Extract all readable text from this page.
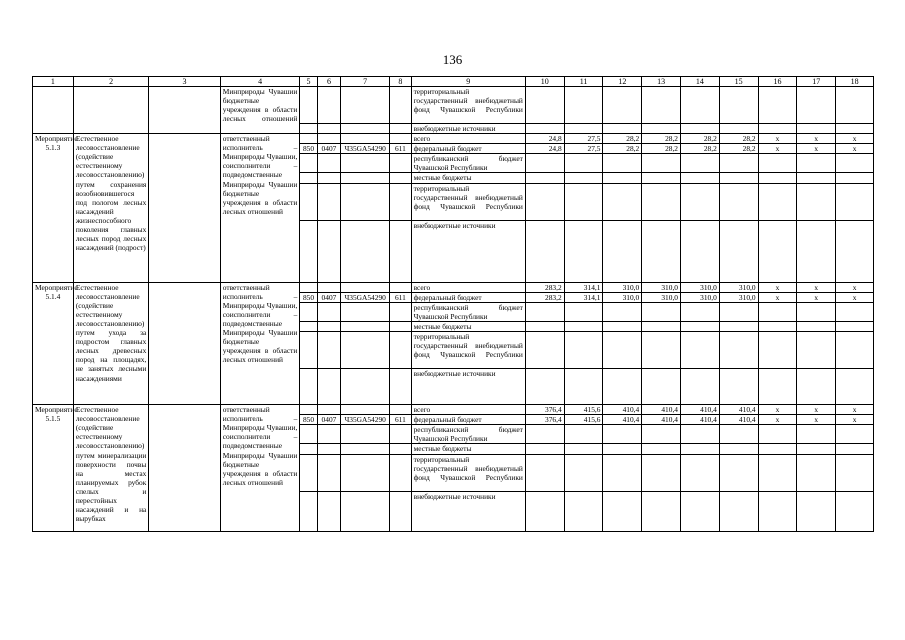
136
1	2	3	4	5	6	7	8	9	10	11	12	13	14	15	16	17	18
			Минприроды Чувашии бюджетные учреждения в области лесных отношений					территориальный государственный внебюджетный фонд Чувашской Республики									
								внебюджетные источники									
Мероприятие 5.1.3	Естественное лесовосстановление (содействие естественному лесовосстановлению) путем сохранения возобновившегося под пологом лесных насаждений жизнеспособного поколения главных лесных пород лесных насаждений (подрост)		ответственный исполнитель – Минприроды Чувашии, соисполнители – подведомственные Минприроды Чувашии бюджетные учреждения в области лесных отношений					всего	24,8	27,5	28,2	28,2	28,2	28,2	x	x	x
				850	0407	Ч35GA54290	611	федеральный бюджет	24,8	27,5	28,2	28,2	28,2	28,2	x	x	x
								республиканский бюджет Чувашской Республики									
								местные бюджеты									
								территориальный государственный внебюджетный фонд Чувашской Республики									
								внебюджетные источники									
Мероприятие 5.1.4	Естественное лесовосстановление (содействие естественному лесовосстановлению) путем ухода за подростом главных лесных древесных пород на площадях, не занятых лесными насаждениями		ответственный исполнитель – Минприроды Чувашии, соисполнители – подведомственные Минприроды Чувашии бюджетные учреждения в области лесных отношений					всего	283,2	314,1	310,0	310,0	310,0	310,0	x	x	x
				850	0407	Ч35GA54290	611	федеральный бюджет	283,2	314,1	310,0	310,0	310,0	310,0	x	x	x
								республиканский бюджет Чувашской Республики									
								местные бюджеты									
								территориальный государственный внебюджетный фонд Чувашской Республики									
								внебюджетные источники									
Мероприятие 5.1.5	Естественное лесовосстановление (содействие естественному лесовосстановлению) путем минерализации поверхности почвы на местах планируемых рубок спелых и перестойных насаждений и на вырубках		ответственный исполнитель – Минприроды Чувашии, соисполнители – подведомственные Минприроды Чувашии бюджетные учреждения в области лесных отношений					всего	376,4	415,6	410,4	410,4	410,4	410,4	x	x	x
				850	0407	Ч35GA54290	611	федеральный бюджет	376,4	415,6	410,4	410,4	410,4	410,4	x	x	x
								республиканский бюджет Чувашской Республики									
								местные бюджеты									
								территориальный государственный внебюджетный фонд Чувашской Республики									
								внебюджетные источники									
